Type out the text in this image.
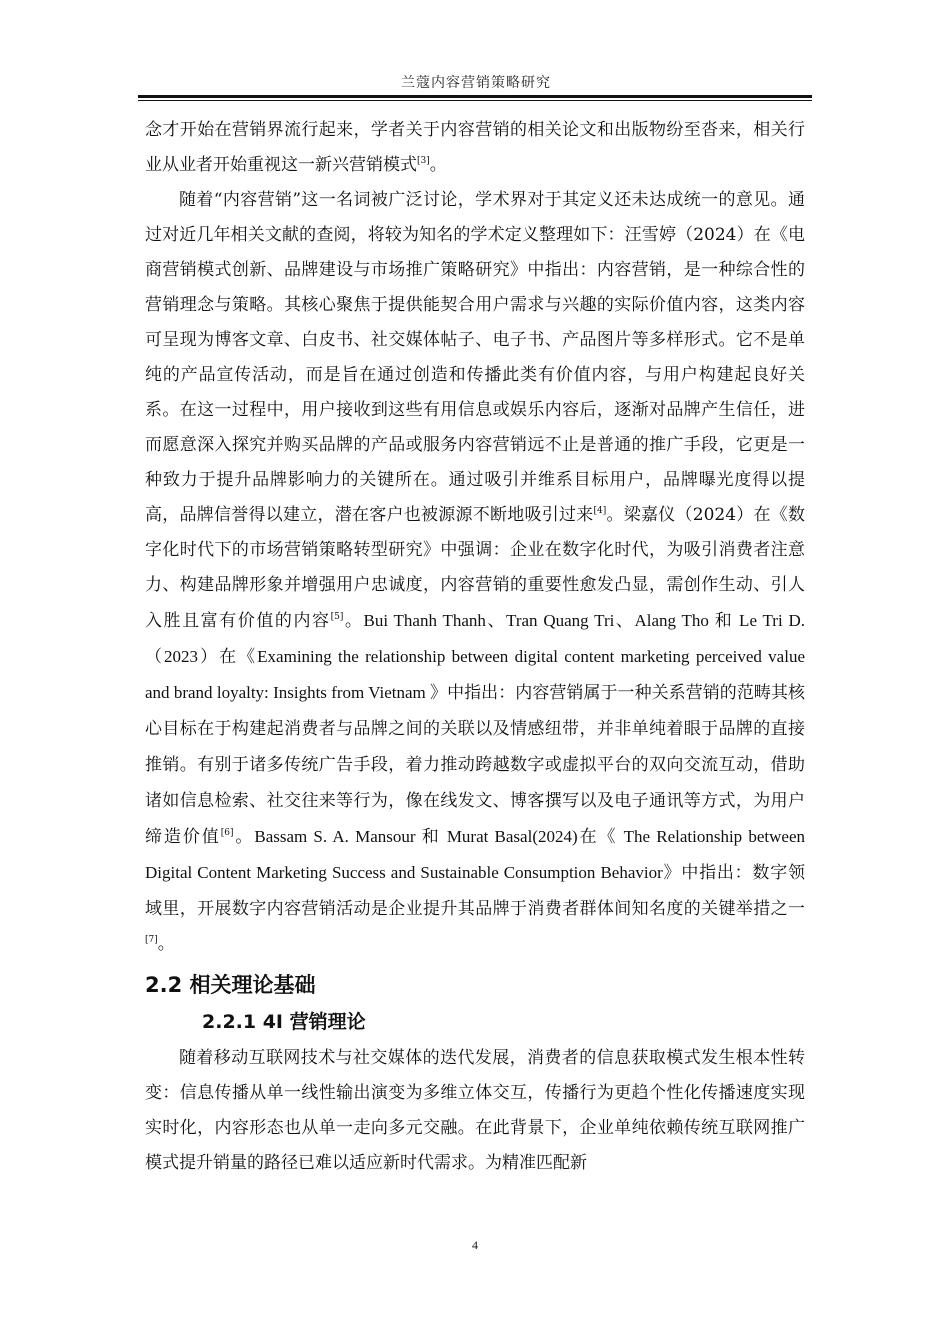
兰蔻内容营销策略研究

念才开始在营销界流行起来，学者关于内容营销的相关论文和出版物纷至沓来，相关行业从业者开始重视这一新兴营销模式[3]。

随着“内容营销”这一名词被广泛讨论，学术界对于其定义还未达成统一的意见。通过对近几年相关文献的查阅，将较为知名的学术定义整理如下：汪雪婷（2024）在《电商营销模式创新、品牌建设与市场推广策略研究》中指出：内容营销，是一种综合性的营销理念与策略。其核心聚焦于提供能契合用户需求与兴趣的实际价值内容，这类内容可呈现为博客文章、白皮书、社交媒体帖子、电子书、产品图片等多样形式。它不是单纯的产品宣传活动，而是旨在通过创造和传播此类有价值内容，与用户构建起良好关系。在这一过程中，用户接收到这些有用信息或娱乐内容后，逐渐对品牌产生信任，进而愿意深入探究并购买品牌的产品或服务内容营销远不止是普通的推广手段，它更是一种致力于提升品牌影响力的关键所在。通过吸引并维系目标用户，品牌曝光度得以提高，品牌信誉得以建立，潜在客户也被源源不断地吸引过来[4]。梁嘉仪（2024）在《数字化时代下的市场营销策略转型研究》中强调：企业在数字化时代，为吸引消费者注意力、构建品牌形象并增强用户忠诚度，内容营销的重要性愈发凸显，需创作生动、引人入胜且富有价值的内容[5]。Bui Thanh Thanh、Tran Quang Tri、Alang Tho 和 Le Tri D.（2023）在《Examining the relationship between digital content marketing perceived value and brand loyalty: Insights from Vietnam 》中指出：内容营销属于一种关系营销的范畴其核心目标在于构建起消费者与品牌之间的关联以及情感纽带，并非单纯着眼于品牌的直接推销。有别于诸多传统广告手段，着力推动跨越数字或虚拟平台的双向交流互动，借助诸如信息检索、社交往来等行为，像在线发文、博客撰写以及电子通讯等方式，为用户缔造价值[6]。Bassam S. A. Mansour 和 Murat Basal(2024)在《 The Relationship between Digital Content Marketing Success and Sustainable Consumption Behavior》中指出：数字领域里，开展数字内容营销活动是企业提升其品牌于消费者群体间知名度的关键举措之一[7]。

2.2 相关理论基础
2.2.1 4I 营销理论

随着移动互联网技术与社交媒体的迭代发展，消费者的信息获取模式发生根本性转变：信息传播从单一线性输出演变为多维立体交互，传播行为更趋个性化传播速度实现实时化，内容形态也从单一走向多元交融。在此背景下，企业单纯依赖传统互联网推广模式提升销量的路径已难以适应新时代需求。为精准匹配新

4
